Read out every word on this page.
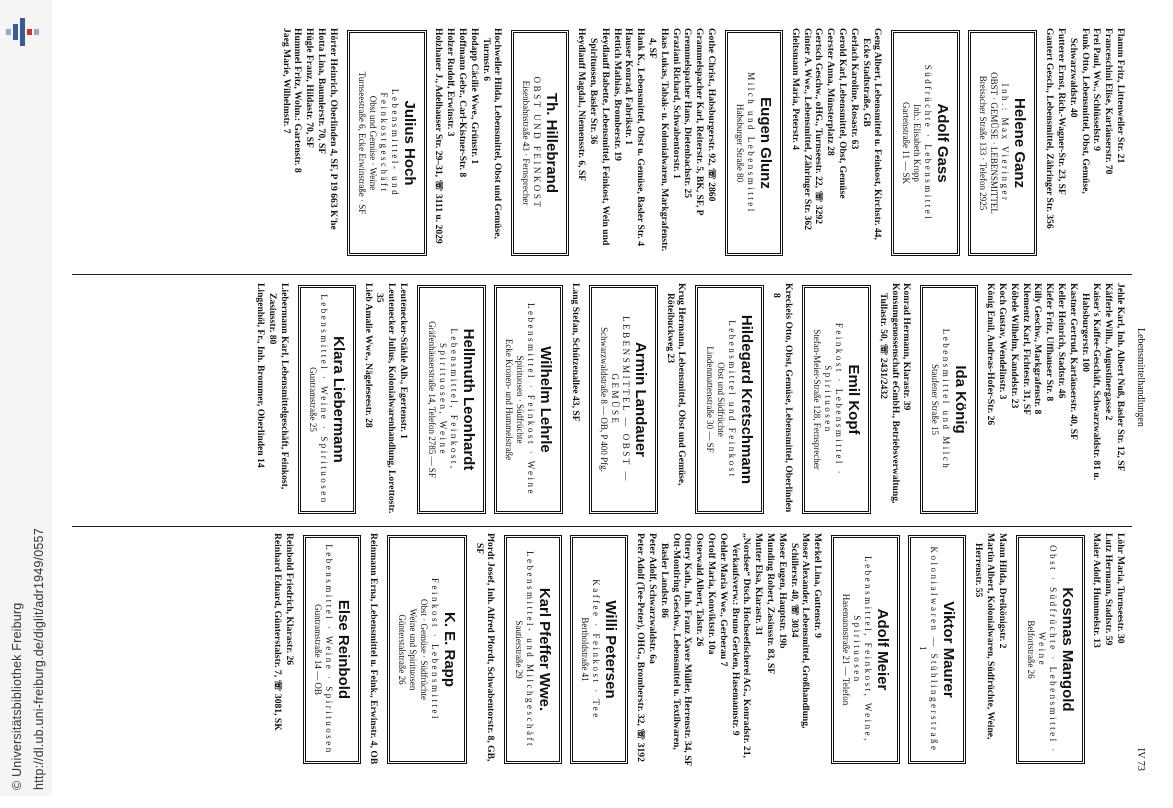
http://dl.ub.uni-freiburg.de/diglit/adr1949/0557
© Universitätsbibliothek Freiburg
Lebensmittelhandlungen
IV 73
Flamm Fritz, Littenweiler Str. 21
Franceschini Elise, Kartäuserstr. 70
Frei Paul, Ww., Schlüsselstr. 9
Funk Otto, Lebensmittel, Obst, Gemüse, Schwarzwaldstr. 40
Futterer Ernst, Rich.-Wagner-Str. 23, SF
Gantert Gesch., Lebensmittel, Zähringer Str. 356
Helene Ganz
Inh.: Max Vieringer
OBST · GEMÜSE · LEBENSMITTEL
Breisacher Straße 133 · Telefon 2925
Adolf Gass
Südfrüchte · Lebensmittel
Inh.: Elisabeth Kropp
Gartenstraße 11 — SK
Geng Albert, Lebensmittel u. Feinkost, Kirchstr. 44, Ecke Stadtstraße, GB
Gerlach Karoline, Rosastr. 63
Gerold Karl, Lebensmittel, Obst, Gemüse
Gerster Anna, Münsterplatz 28
Gertsch Geschw., oHG., Turnseestr. 22, ☏ 3292
Ginter A. Wwe., Lebensmittel, Zähringer Str. 362
Gleitsmann Maria, Peterstr. 4
Eugen Glunz
Milch und Lebensmittel
Habsburger Straße 80
Gothe Christ., Habsburgerstr. 92, ☏ 2860
Grammelspacher Karl, Reiterstr. 5, BK, SF, P
Gremmelspacher Hans, Dietenbachstr. 25
Graziani Richard, Schwabentorstr. 1
Haas Lukas, Tabak- u. Kolonialwaren, Markgrafenstr. 4, SF
Hank K., Lebensmittel, Obst u. Gemüse, Basler Str. 4
Hauser Konrad, Fabrikstr. 1
Hettich Mathias, Bromberstr. 19
Heydlauff Babette, Lebensmittel, Feinkost, Wein und Spirituosen, Basler Str. 36
Heydlauff Magdal., Niemensstr. 6, SF
Th. Hillebrand
OBST UND FEINKOST
Eisenbahnstraße 43 · Fernsprecher
Hochweller Hilda, Lebensmittel, Obst und Gemüse, Turmstr. 6
Hodapp Cäcilie Wwe., Grünstr. 1
Hoffmann Gebr., Carl-Kistner-Str. 8
Holzer Rudolf, Erwinstr. 3
Holzhauer J., Adelhauser Str. 29–31, ☏ 3111 u. 2029
Julius Hoch
Lebensmittel- und Feinkostgeschäft
Obst und Gemüse · Weine
Turnseestraße 6, Ecke Erwinstraße · SF
Hörter Heinrich, Oberlinden 4, SF, P 19 663 K'he
Hotta Lina, Baumlerstr. 70, SF
Hügle Franz, Hildastr. 70, SF
Hummel Fritz, Wohn.: Gartenstr. 8
Jaeg Marie, Wilhelmstr. 7
Jehle Karl, Inh. Albert Nuß, Basler Str. 12, SF
Käfferle Wilh., Augustinergasse 2
Kaiser's Kaffee-Geschäft, Schwarzwaldstr. 81 u. Habsburgerstr. 100
Kastner Gertrud, Kartäuserstr. 40, SF
Keller Heinrich, Stadtstr. 46
Kiefer Fritz, Uffhauser Str. 8
Killy Geschw., Markgrafenstr. 8
Klementz Karl, Fichtestr. 31, SF
Köbele Wilhelm, Kandelstr. 23
Koch Gustav, Wendelinstr. 3
König Emil, Andreas-Hofer-Str. 26
Ida König
Lebensmittel und Milch
Staufener Straße 15
Konrad Hermann, Klarastr. 39
Konsumgenossenschaft eGmbH., Betriebsverwaltung, Tullastr. 50, ☏ 2431/2432
Emil Kopf
Feinkost · Lebensmittel · Spirituosen
Stefan-Meier-Straße 128, Fernsprecher
Kreckeis Otto, Obst, Gemüse, Lebensmittel, Oberlinden 8
Hildegard Kretschmann
Lebensmittel und Feinkost
Obst und Südfrüchte
Lindenmattenstraße 30 — SF
Krug Hermann, Lebensmittel, Obst und Gemüse, Röteibuckweg 23
Armin Landauer
LEBENSMITTEL — OBST — GEMÜSE
Schwarzwaldstraße 8 — OB, P 400 Pfg.
Lang Stefan, Schützenallee 43, SF
Wilhelm Lehrle
Lebensmittel · Feinkost · Weine
Spirituosen · Südfrüchte
Ecke Kronen- und Hummelstraße
Hellmuth Leonhardt
Lebensmittel, Feinkost, Spirituosen, Weine
Gräfenhäuserstraße 14, Telefon 2785 — SF
Leutenecker-Stähle Alb., Egertenstr. 1
Leutenecker Julius, Kolonialwarenhandlung, Lorettostr. 35
Lieb Amalie Wwe., Nägeleseestr. 28
Klara Liebermann
Lebensmittel · Weine · Spirituosen
Guntramstraße 25
Liebermann Karl, Lebensmittelgeschäft, Feinkost, Zasiusstr. 80
Lingenhöl, Fr., Inh. Brommer, Oberlinden 14
Löhr Maria, Turnseestr. 30
Lutz Hermann, Stadtstr. 59
Maier Adolf, Hummelstr. 13
Kosmas Mangold
Obst · Südfrüchte · Lebensmittel · Weine
Belfortstraße 26
Mann Hilda, Dreikönigstr. 2
Martin Albert, Kolonialwaren, Südfrüchte, Weine, Herrenstr. 55
Viktor Maurer
Kolonialwaren — Stühlingerstraße 1
Adolf Meier
Lebensmittel, Feinkost, Weine, Spirituosen
Hasemannstraße 21 — Telefon
Merkel Lina, Guttenstr. 9
Moser Alexander, Lebensmittel, Großhandlung, Schillerstr. 40, ☏ 3034
Moser Eugen, Hauptstr. 19b
Munding Robert, Zasiusstr. 83, SF
Mutter Elsa, Klarastr. 31
„Nordsee“ Dtsch. Hochseefischerei AG., Konradstr. 21, Verkaufsverw.: Bruno Gerken, Hasemannstr. 9
Oehler Maria Wwe., Gerberau 7
Ortolf Maria, Konviktstr. 10a
Osterwald Albert, Talstr. 26
Ottery Kath., Inh. Franz Xaver Müller, Herrenstr. 34, SF
Ott-Montiring Geschw., Lebensmittel u. Textilwaren, Basler Landstr. 86
Peter Adolf, Schwarzwaldstr. 6a
Peter Adolf (Tee-Peter), OHG., Bromberstr. 32, ☏ 3192
Willi Petersen
Kaffee · Feinkost · Tee
Bertholdstraße 41
Karl Pfeffer Wwe.
Lebensmittel- und Milchgeschäft
Sautierstraße 29
Pfordt Josef, Inh. Alfred Pfordt, Schwabentorstr. 8, GB, SF
K. E. Rapp
Feinkost · Lebensmittel
Obst · Gemüse · Südfrüchte
Weine und Spirituosen
Günterstalstraße 26
Reinmann Erna, Lebensmittel u. Feink., Erwinstr. 4, OB
Else Reinbold
Lebensmittel · Weine · Spirituosen
Guntramstraße 14 — OB
Reinbold Friedrich, Klarastr. 26
Reinhard Eduard, Günterstalstr. 7, ☏ 3081, SK
